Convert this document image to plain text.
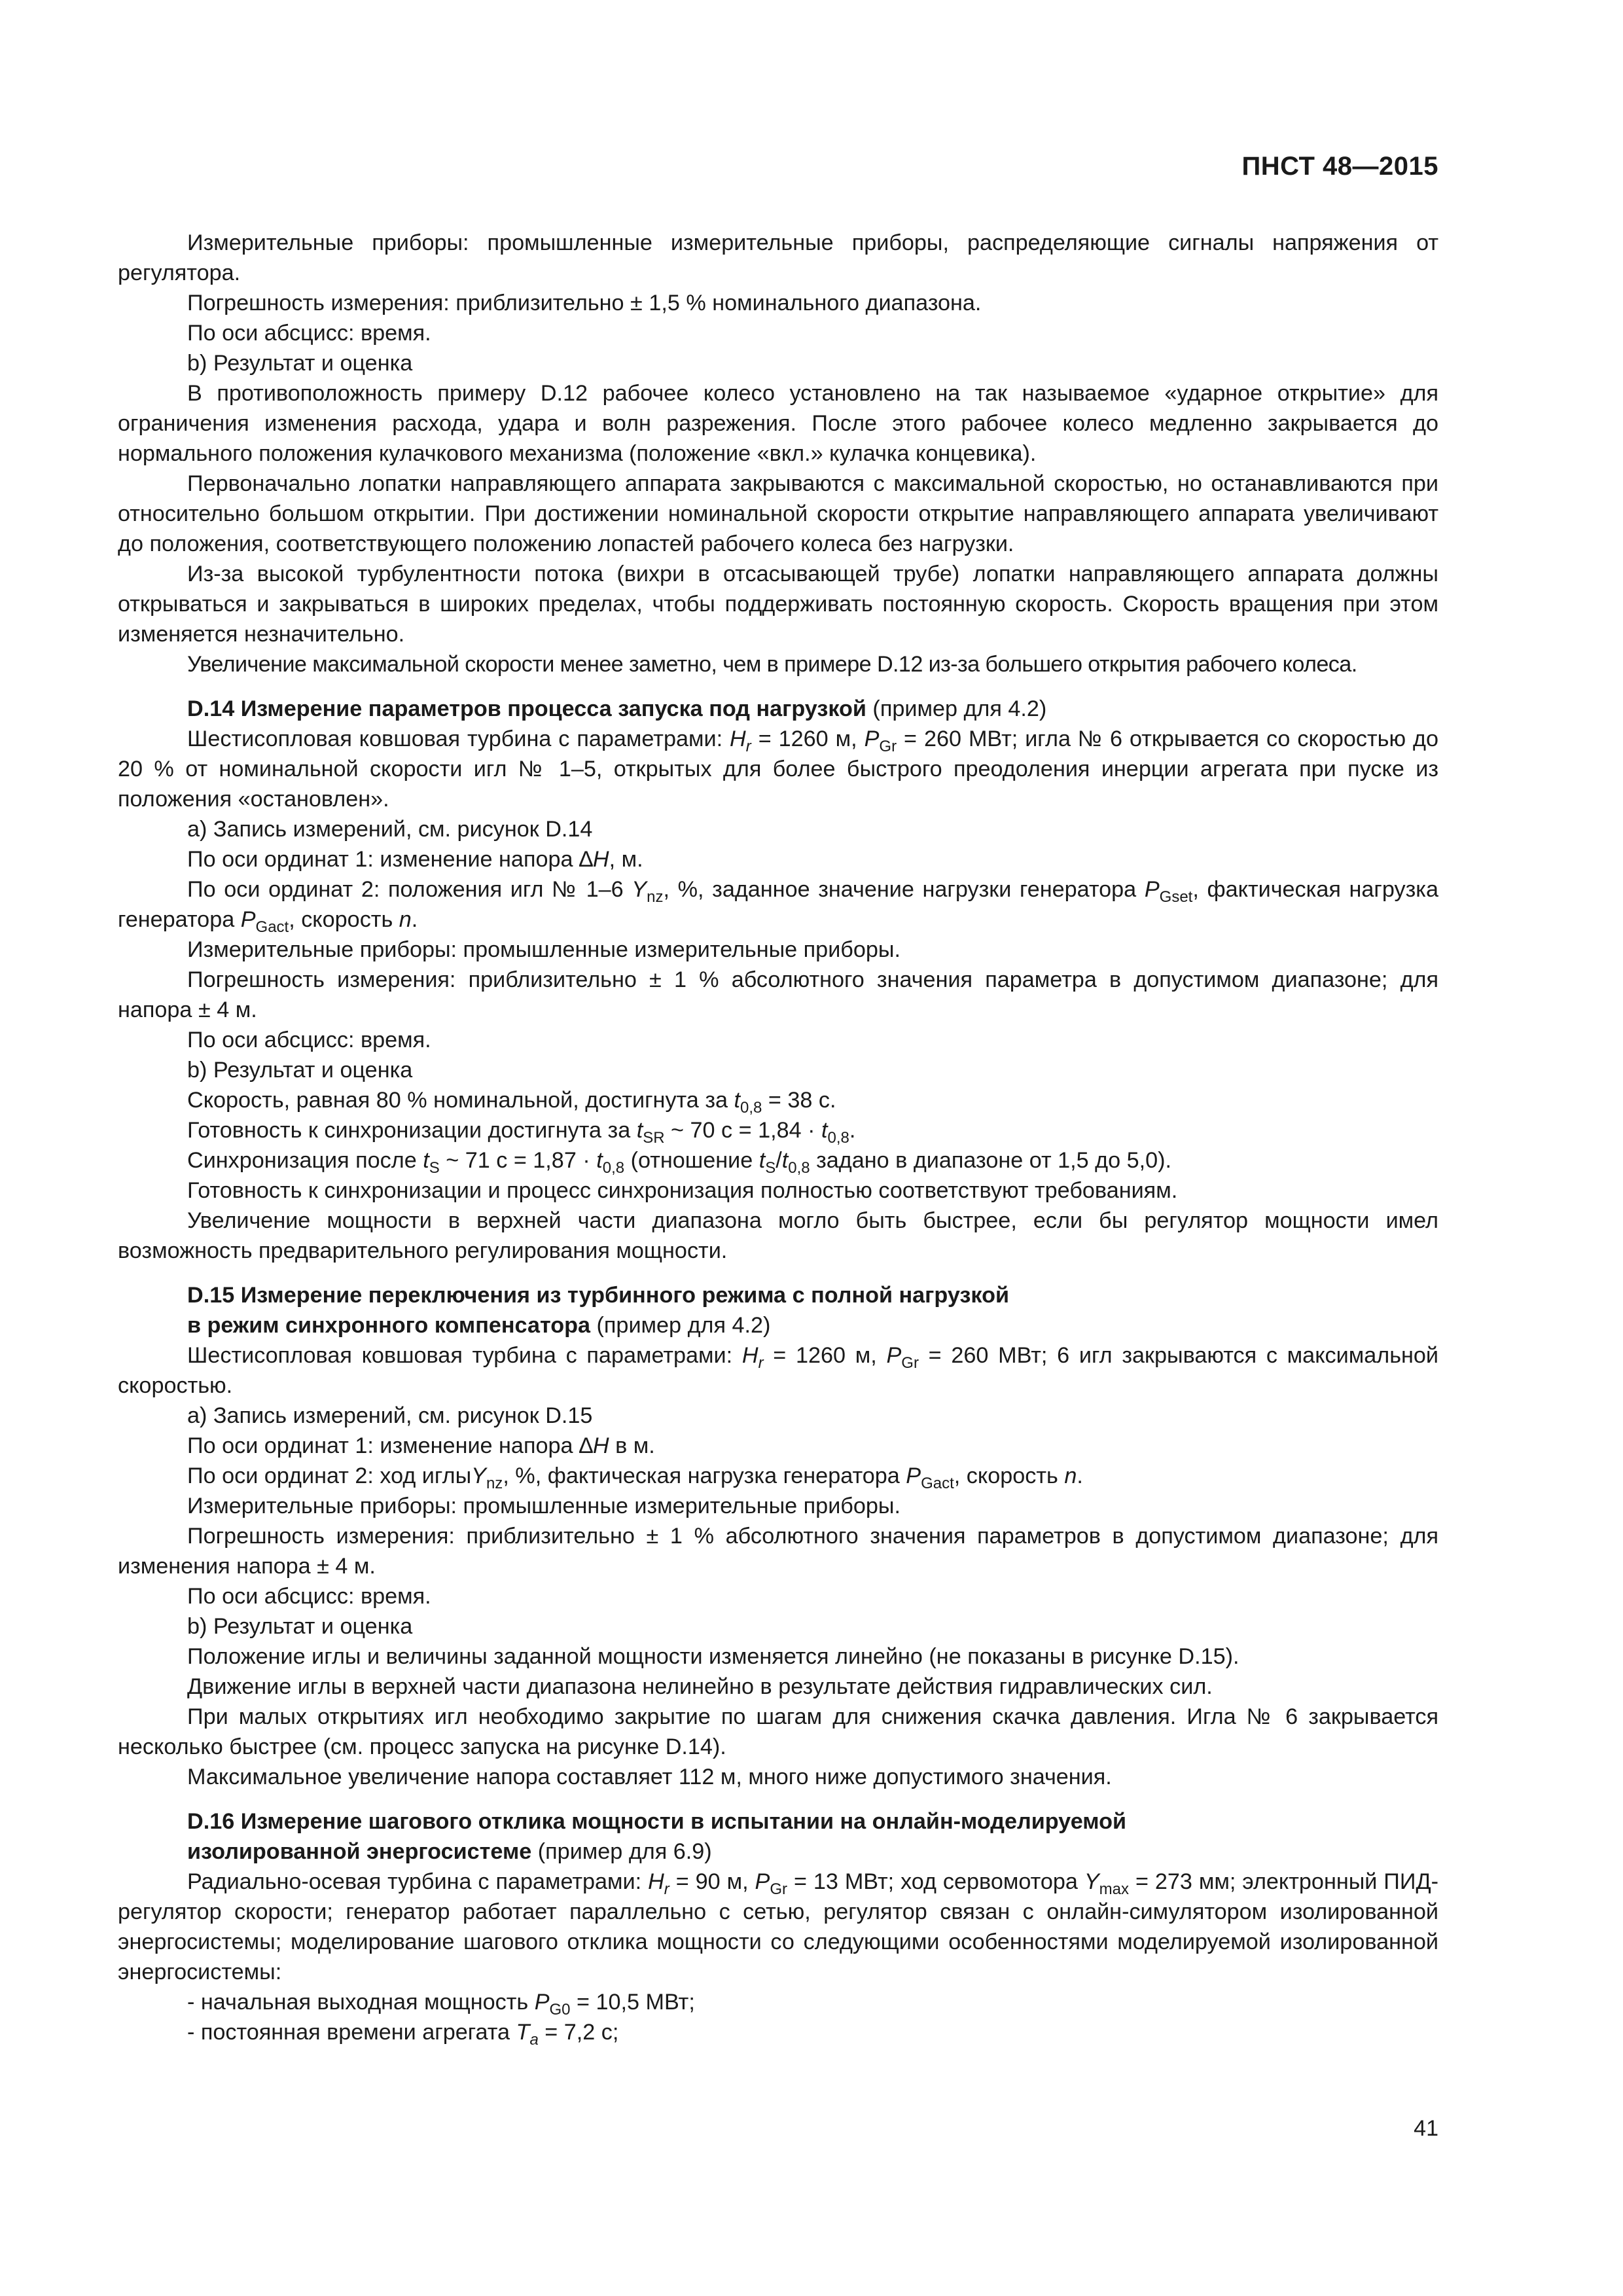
ПНСТ 48—2015

Измерительные приборы: промышленные измерительные приборы, распределяющие сигналы напряжения от регулятора.

Погрешность измерения: приблизительно ± 1,5 % номинального диапазона.

По оси абсцисс: время.

b) Результат и оценка

В противоположность примеру D.12 рабочее колесо установлено на так называемое «ударное открытие» для ограничения изменения расхода, удара и волн разрежения. После этого рабочее колесо медленно закрывается до нормального положения кулачкового механизма (положение «вкл.» кулачка концевика).

Первоначально лопатки направляющего аппарата закрываются с максимальной скоростью, но останавливаются при относительно большом открытии. При достижении номинальной скорости открытие направляющего аппарата увеличивают до положения, соответствующего положению лопастей рабочего колеса без нагрузки.

Из-за высокой турбулентности потока (вихри в отсасывающей трубе) лопатки направляющего аппарата должны открываться и закрываться в широких пределах, чтобы поддерживать постоянную скорость. Скорость вращения при этом изменяется незначительно.

Увеличение максимальной скорости менее заметно, чем в примере D.12 из-за большего открытия рабочего колеса.

D.14 Измерение параметров процесса запуска под нагрузкой (пример для 4.2)

Шестисопловая ковшовая турбина с параметрами: $H_r = 1260$ м, $P_{Gr} = 260$ МВт; игла № 6 открывается со скоростью до 20 % от номинальной скорости игл № 1–5, открытых для более быстрого преодоления инерции агрегата при пуске из положения «остановлен».

a) Запись измерений, см. рисунок D.14

По оси ординат 1: изменение напора ∆H, м.

По оси ординат 2: положения игл № 1–6 $Y_{nz}$, %, заданное значение нагрузки генератора $P_{Gset}$, фактическая нагрузка генератора $P_{Gact}$, скорость n.

Измерительные приборы: промышленные измерительные приборы.

Погрешность измерения: приблизительно ± 1 % абсолютного значения параметра в допустимом диапазоне; для напора ± 4 м.

По оси абсцисс: время.

b) Результат и оценка

Скорость, равная 80 % номинальной, достигнута за $t_{0,8} = 38$ с.

Готовность к синхронизации достигнута за $t_{SR}$ ~ 70 $с = 1,84 \cdot t_{0,8}$.

Синхронизация после $t_S$ ~ 71 $с = 1,87 \cdot t_{0,8}$ (отношение $t_S/t_{0,8}$ задано в диапазоне от 1,5 до 5,0).

Готовность к синхронизации и процесс синхронизация полностью соответствуют требованиям.

Увеличение мощности в верхней части диапазона могло быть быстрее, если бы регулятор мощности имел возможность предварительного регулирования мощности.

D.15 Измерение переключения из турбинного режима с полной нагрузкой
в режим синхронного компенсатора (пример для 4.2)

Шестисопловая ковшовая турбина с параметрами: $H_r = 1260$ м, $P_{Gr} = 260$ МВт; 6 игл закрываются с максимальной скоростью.

a) Запись измерений, см. рисунок D.15

По оси ординат 1: изменение напора ∆H в м.

По оси ординат 2: ход иглыY$_{nz}$, %, фактическая нагрузка генератора $P_{Gact}$, скорость n.

Измерительные приборы: промышленные измерительные приборы.

Погрешность измерения: приблизительно ± 1 % абсолютного значения параметров в допустимом диапазоне; для изменения напора ± 4 м.

По оси абсцисс: время.

b) Результат и оценка

Положение иглы и величины заданной мощности изменяется линейно (не показаны в рисунке D.15).

Движение иглы в верхней части диапазона нелинейно в результате действия гидравлических сил.

При малых открытиях игл необходимо закрытие по шагам для снижения скачка давления. Игла № 6 закрывается несколько быстрее (см. процесс запуска на рисунке D.14).

Максимальное увеличение напора составляет 112 м, много ниже допустимого значения.

D.16 Измерение шагового отклика мощности в испытании на онлайн-моделируемой
изолированной энергосистеме (пример для 6.9)

Радиально-осевая турбина с параметрами: $H_r = 90$ м, $P_{Gr} = 13$ МВт; ход сервомотора $Y_{max} = 273$ мм; электронный ПИД-регулятор скорости; генератор работает параллельно с сетью, регулятор связан с онлайн-симулятором изолированной энергосистемы; моделирование шагового отклика мощности со следующими особенностями моделируемой изолированной энергосистемы:

- начальная выходная мощность $P_{G0} = 10,5$ МВт;

- постоянная времени агрегата $T_a = 7,2$ с;

41
